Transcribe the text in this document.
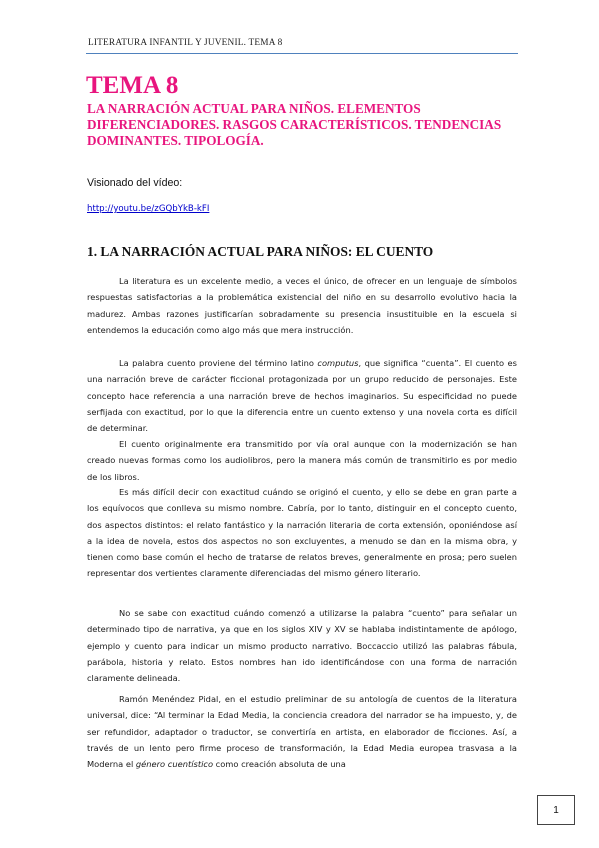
LITERATURA INFANTIL Y JUVENIL. TEMA 8
TEMA 8
LA NARRACIÓN ACTUAL PARA NIÑOS. ELEMENTOS DIFERENCIADORES. RASGOS CARACTERÍSTICOS. TENDENCIAS DOMINANTES. TIPOLOGÍA.
Visionado del vídeo:
http://youtu.be/zGQbYkB-kFI
1. LA NARRACIÓN ACTUAL PARA NIÑOS: EL CUENTO

La literatura es un excelente medio, a veces el único, de ofrecer en un lenguaje de símbolos respuestas satisfactorias a la problemática existencial del niño en su desarrollo evolutivo hacia la madurez. Ambas razones justificarían sobradamente su presencia insustituible en la escuela si entendemos la educación como algo más que mera instrucción.

La palabra cuento proviene del término latino computus, que significa “cuenta”. El cuento es una narración breve de carácter ficcional protagonizada por un grupo reducido de personajes. Este concepto hace referencia a una narración breve de hechos imaginarios. Su especificidad no puede serfijada con exactitud, por lo que la diferencia entre un cuento extenso y una novela corta es difícil de determinar.

El cuento originalmente era transmitido por vía oral aunque con la modernización se han creado nuevas formas como los audiolibros, pero la manera más común de transmitirlo es por medio de los libros.

Es más difícil decir con exactitud cuándo se originó el cuento, y ello se debe en gran parte a los equívocos que conlleva su mismo nombre. Cabría, por lo tanto, distinguir en el concepto cuento, dos aspectos distintos: el relato fantástico y la narración literaria de corta extensión, oponiéndose así a la idea de novela, estos dos aspectos no son excluyentes, a menudo se dan en la misma obra, y tienen como base común el hecho de tratarse de relatos breves, generalmente en prosa; pero suelen representar dos vertientes claramente diferenciadas del mismo género literario.

No se sabe con exactitud cuándo comenzó a utilizarse la palabra “cuento” para señalar un determinado tipo de narrativa, ya que en los siglos XIV y XV se hablaba indistintamente de apólogo, ejemplo y cuento para indicar un mismo producto narrativo. Boccaccio utilizó las palabras fábula, parábola, historia y relato. Estos nombres han ido identificándose con una forma de narración claramente delineada.

Ramón Menéndez Pidal, en el estudio preliminar de su antología de cuentos de la literatura universal, dice: “Al terminar la Edad Media, la conciencia creadora del narrador se ha impuesto, y, de ser refundidor, adaptador o traductor, se convertiría en artista, en elaborador de ficciones. Así, a través de un lento pero firme proceso de transformación, la Edad Media europea trasvasa a la Moderna el género cuentístico como creación absoluta de una

1
